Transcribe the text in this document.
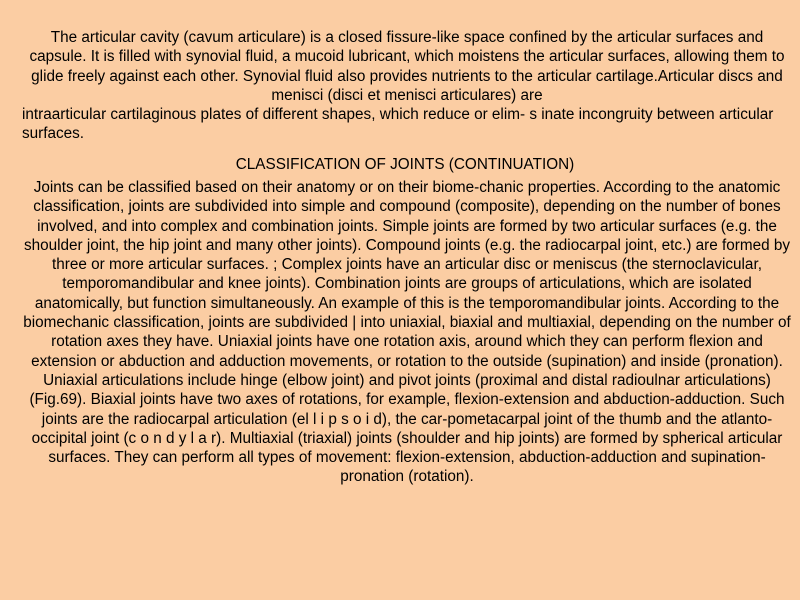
The articular cavity (cavum articulare) is a closed fissure-like space confined by the articular surfaces and capsule. It is filled with synovial fluid, a mucoid lubricant, which moistens the articular surfaces, allowing them to glide freely against each other. Synovial fluid also provides nutrients to the articular cartilage.Articular discs and menisci (disci et menisci articulares) are
intraarticular cartilaginous plates of different shapes, which reduce or elim- s inate incongruity between articular surfaces.

CLASSIFICATION OF JOINTS (CONTINUATION)

Joints can be classified based on their anatomy or on their biome-chanic properties. According to the anatomic classification, joints are subdivided into simple and compound (composite), depending on the number of bones involved, and into complex and combination joints. Simple joints are formed by two articular surfaces (e.g. the shoulder joint, the hip joint and many other joints). Compound joints (e.g. the radiocarpal joint, etc.) are formed by three or more articular surfaces. ; Complex joints have an articular disc or meniscus (the sternoclavicular, temporomandibular and knee joints). Combination joints are groups of articulations, which are isolated anatomically, but function simultaneously. An example of this is the temporomandibular joints. According to the biomechanic classification, joints are subdivided | into uniaxial, biaxial and multiaxial, depending on the number of rotation axes they have. Uniaxial joints have one rotation axis, around which they can perform flexion and extension or abduction and adduction movements, or rotation to the outside (supination) and inside (pronation). Uniaxial articulations include hinge (elbow joint) and pivot joints (proximal and distal radioulnar articulations) (Fig.69). Biaxial joints have two axes of rotations, for example, flexion-extension and abduction-adduction. Such joints are the radiocarpal articulation (el l i p s o i d), the car-pometacarpal joint of the thumb and the atlanto-occipital joint (c o n d y l a r). Multiaxial (triaxial) joints (shoulder and hip joints) are formed by spherical articular surfaces. They can perform all types of movement: flexion-extension, abduction-adduction and supination-pronation (rotation).
